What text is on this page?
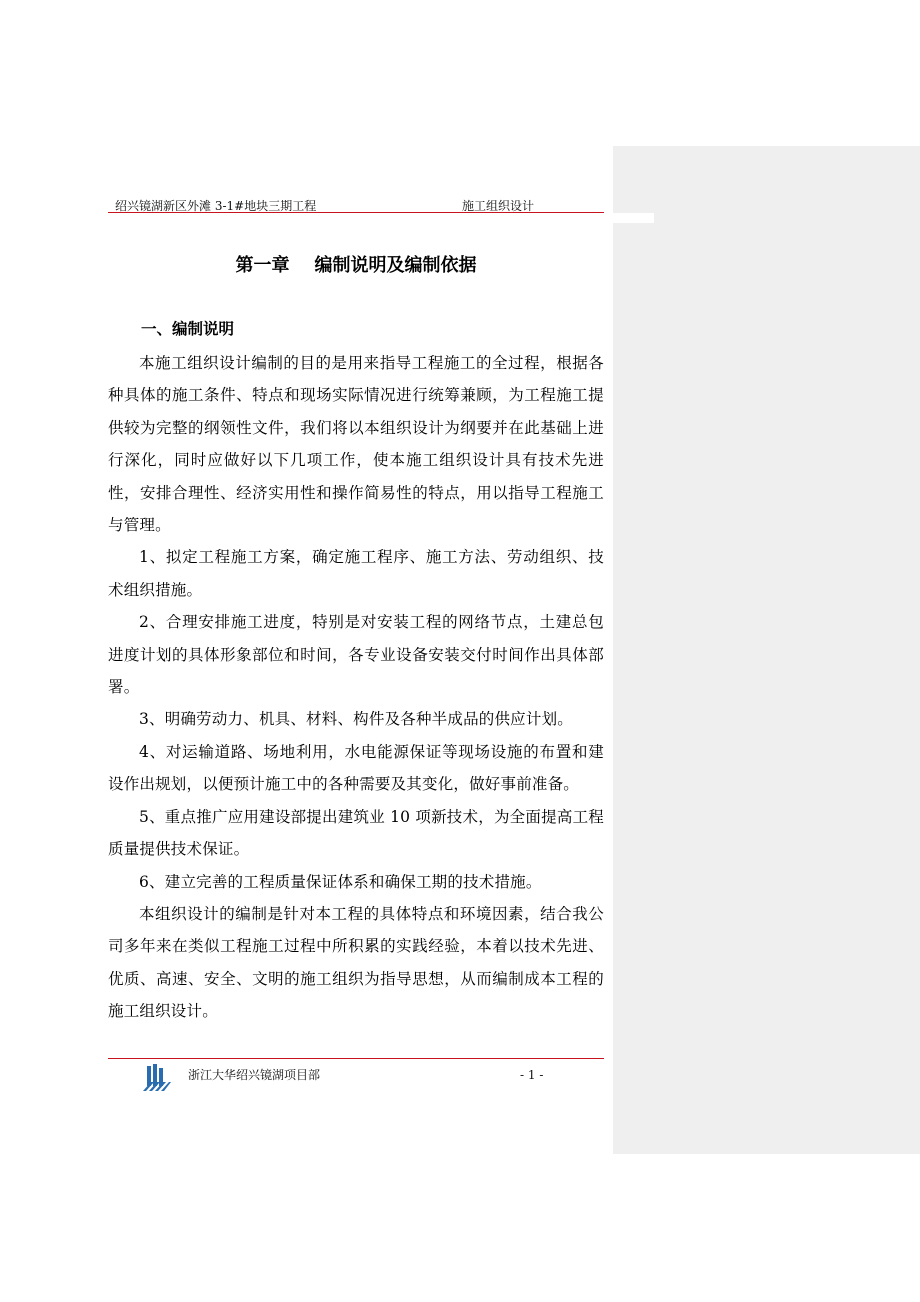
绍兴镜湖新区外滩 3-1#地块三期工程	施工组织设计
第一章    编制说明及编制依据
一、编制说明

本施工组织设计编制的目的是用来指导工程施工的全过程，根据各种具体的施工条件、特点和现场实际情况进行统筹兼顾，为工程施工提供较为完整的纲领性文件，我们将以本组织设计为纲要并在此基础上进行深化，同时应做好以下几项工作，使本施工组织设计具有技术先进性，安排合理性、经济实用性和操作简易性的特点，用以指导工程施工与管理。

1、拟定工程施工方案，确定施工程序、施工方法、劳动组织、技术组织措施。

2、合理安排施工进度，特别是对安装工程的网络节点，土建总包进度计划的具体形象部位和时间，各专业设备安装交付时间作出具体部署。

3、明确劳动力、机具、材料、构件及各种半成品的供应计划。

4、对运输道路、场地利用，水电能源保证等现场设施的布置和建设作出规划，以便预计施工中的各种需要及其变化，做好事前准备。

5、重点推广应用建设部提出建筑业 10 项新技术，为全面提高工程质量提供技术保证。

6、建立完善的工程质量保证体系和确保工期的技术措施。

本组织设计的编制是针对本工程的具体特点和环境因素，结合我公司多年来在类似工程施工过程中所积累的实践经验，本着以技术先进、优质、高速、安全、文明的施工组织为指导思想，从而编制成本工程的施工组织设计。

浙江大华绍兴镜湖项目部	- 1 -
